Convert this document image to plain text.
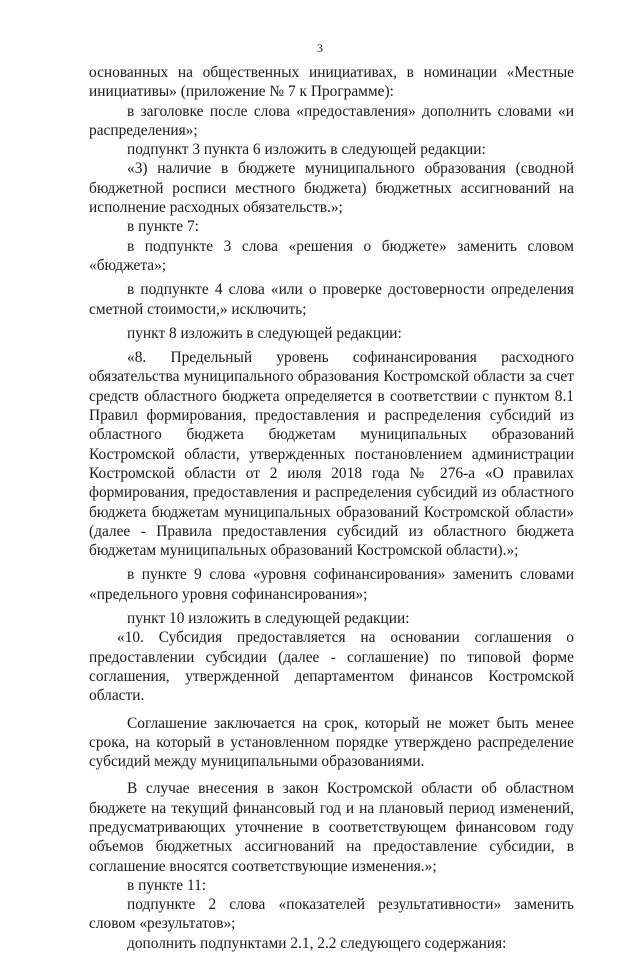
3

основанных на общественных инициативах, в номинации «Местные инициативы» (приложение № 7 к Программе):

в заголовке после слова «предоставления» дополнить словами «и распределения»;

подпункт 3 пункта 6 изложить в следующей редакции:

«3) наличие в бюджете муниципального образования (сводной бюджетной росписи местного бюджета) бюджетных ассигнований на исполнение расходных обязательств.»;

в пункте 7:

в подпункте 3 слова «решения о бюджете» заменить словом «бюджета»;

в подпункте 4 слова «или о проверке достоверности определения сметной стоимости,» исключить;

пункт 8 изложить в следующей редакции:

«8. Предельный уровень софинансирования расходного обязательства муниципального образования Костромской области за счет средств областного бюджета определяется в соответствии с пунктом 8.1 Правил формирования, предоставления и распределения субсидий из областного бюджета бюджетам муниципальных образований Костромской области, утвержденных постановлением администрации Костромской области от 2 июля 2018 года № 276-а «О правилах формирования, предоставления и распределения субсидий из областного бюджета бюджетам муниципальных образований Костромской области» (далее - Правила предоставления субсидий из областного бюджета бюджетам муниципальных образований Костромской области).»;

в пункте 9 слова «уровня софинансирования» заменить словами «предельного уровня софинансирования»;

пункт 10 изложить в следующей редакции:

«10. Субсидия предоставляется на основании соглашения о предоставлении субсидии (далее - соглашение) по типовой форме соглашения, утвержденной департаментом финансов Костромской области.

Соглашение заключается на срок, который не может быть менее срока, на который в установленном порядке утверждено распределение субсидий между муниципальными образованиями.

В случае внесения в закон Костромской области об областном бюджете на текущий финансовый год и на плановый период изменений, предусматривающих уточнение в соответствующем финансовом году объемов бюджетных ассигнований на предоставление субсидии, в соглашение вносятся соответствующие изменения.»;

в пункте 11:

подпункте 2 слова «показателей результативности» заменить словом «результатов»;

дополнить подпунктами 2.1, 2.2 следующего содержания:
